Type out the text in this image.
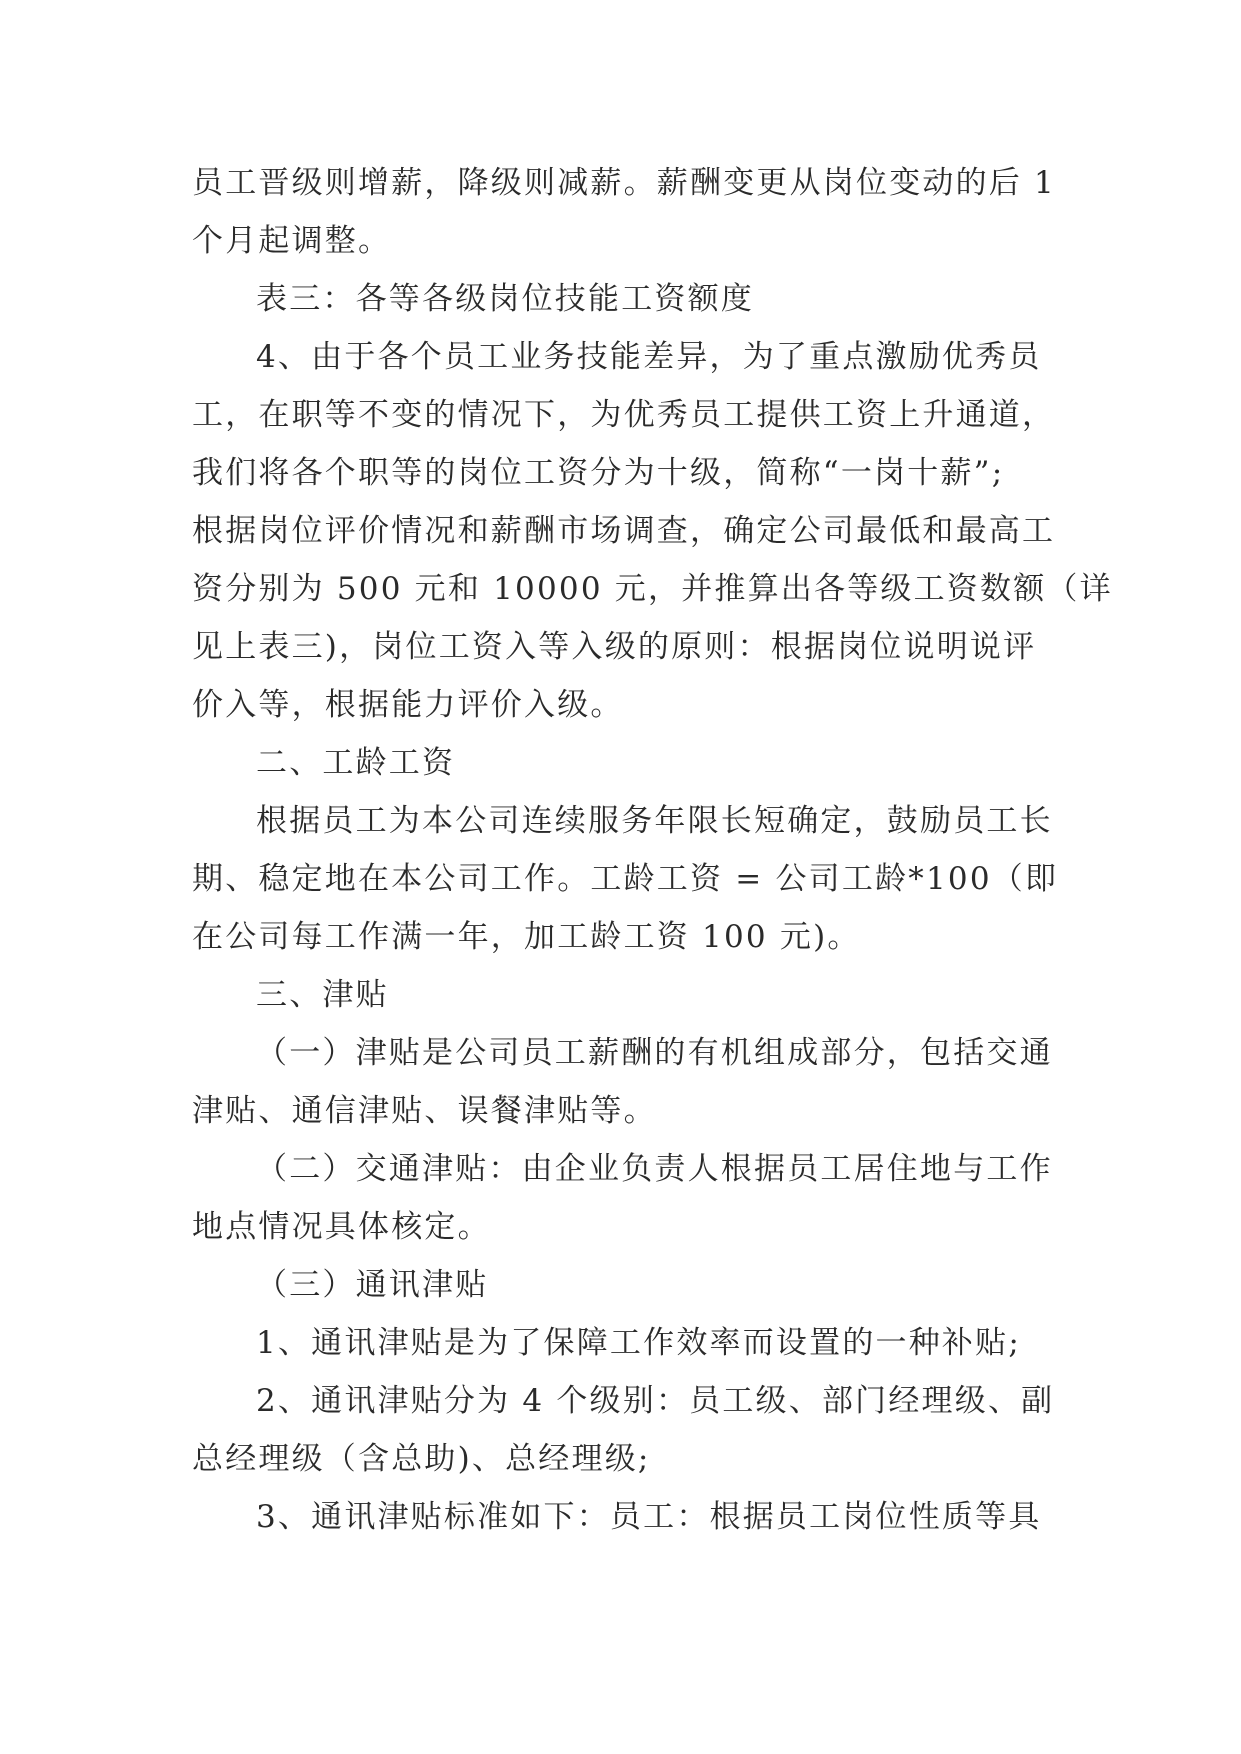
员工晋级则增薪，降级则减薪。薪酬变更从岗位变动的后 1
个月起调整。
表三：各等各级岗位技能工资额度
4、由于各个员工业务技能差异，为了重点激励优秀员
工，在职等不变的情况下，为优秀员工提供工资上升通道，
我们将各个职等的岗位工资分为十级，简称“一岗十薪”;
根据岗位评价情况和薪酬市场调查，确定公司最低和最高工
资分别为 500 元和 10000 元，并推算出各等级工资数额（详
见上表三)，岗位工资入等入级的原则：根据岗位说明说评
价入等，根据能力评价入级。
二、工龄工资
根据员工为本公司连续服务年限长短确定，鼓励员工长
期、稳定地在本公司工作。工龄工资 = 公司工龄*100（即
在公司每工作满一年，加工龄工资 100 元)。
三、津贴
（一）津贴是公司员工薪酬的有机组成部分，包括交通
津贴、通信津贴、误餐津贴等。
（二）交通津贴：由企业负责人根据员工居住地与工作
地点情况具体核定。
（三）通讯津贴
1、通讯津贴是为了保障工作效率而设置的一种补贴;
2、通讯津贴分为 4 个级别：员工级、部门经理级、副
总经理级（含总助)、总经理级;
3、通讯津贴标准如下：员工：根据员工岗位性质等具
